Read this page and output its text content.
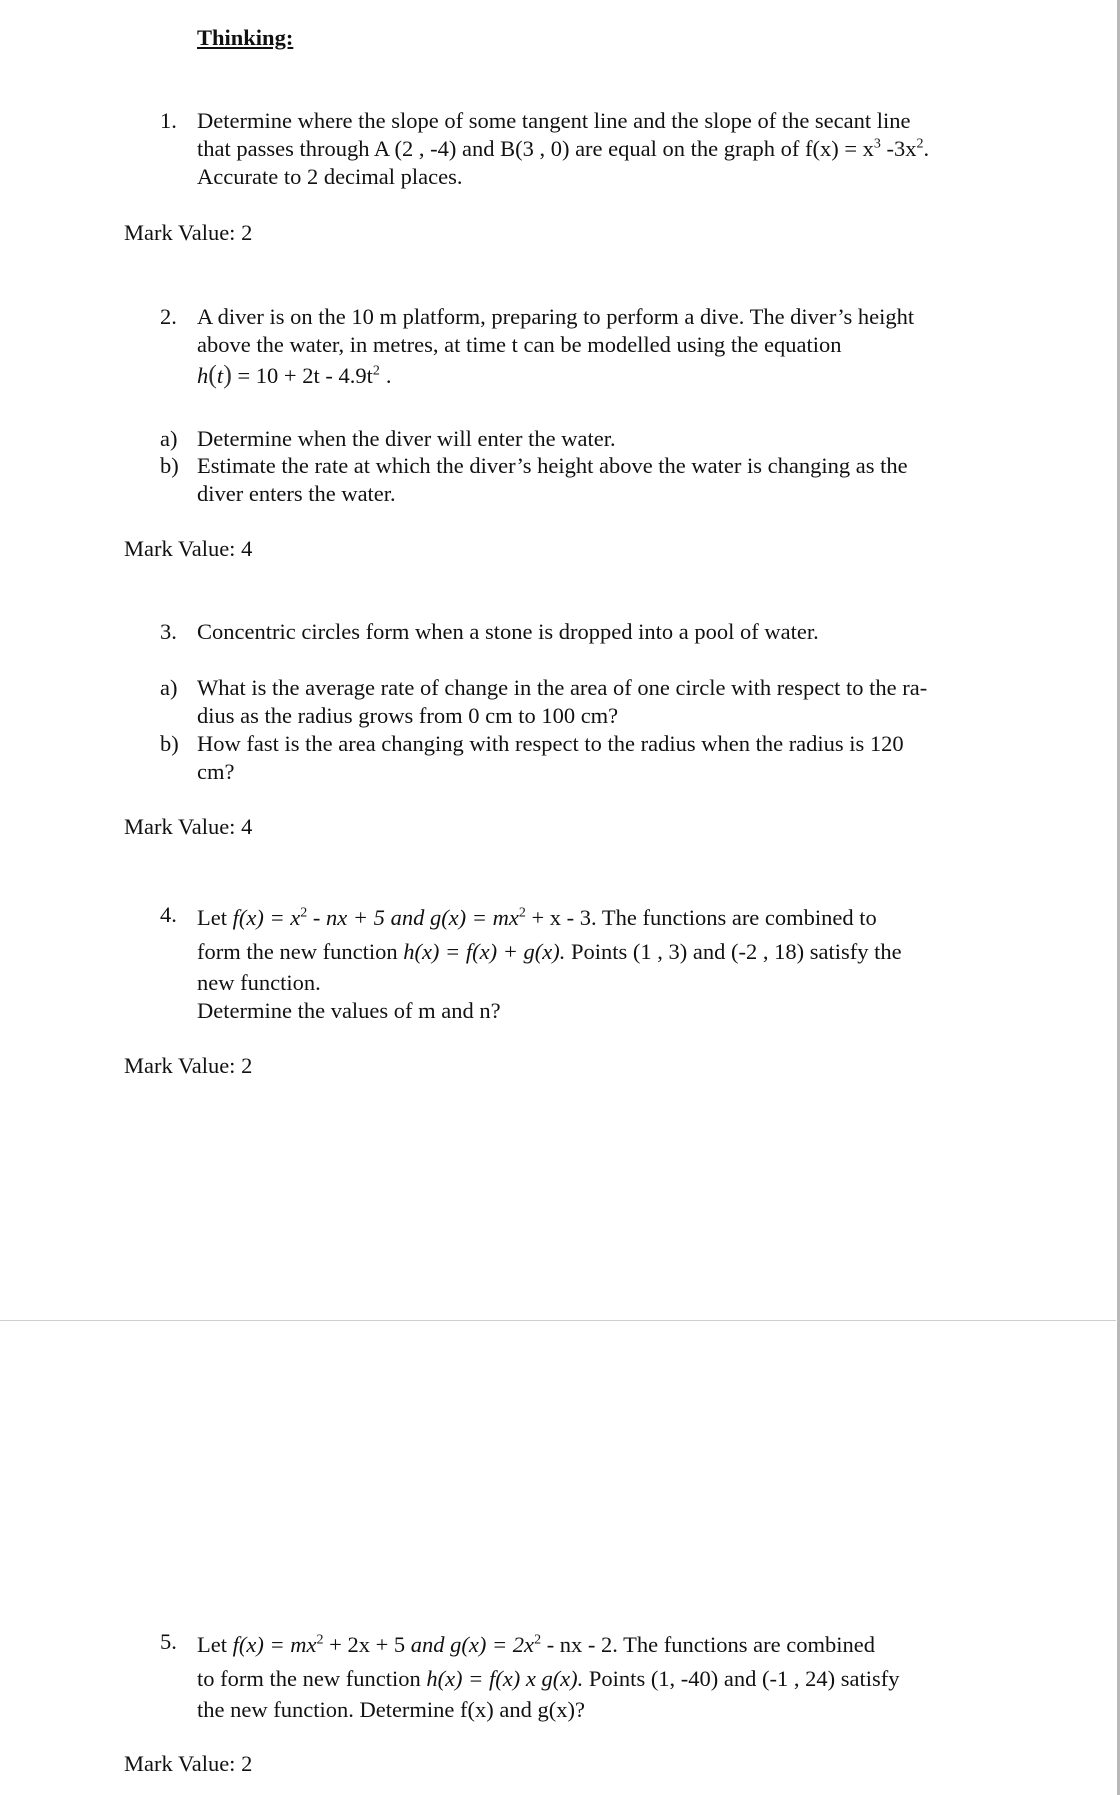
Thinking:
1. Determine where the slope of some tangent line and the slope of the secant line
that passes through A (2 , -4) and B(3 , 0) are equal on the graph of $f(x) = x^3$ $-3x^2$.
Accurate to 2 decimal places.
Mark Value: 2
2. A diver is on the 10 m platform, preparing to perform a dive. The diver’s height
above the water, in metres, at time t can be modelled using the equation
$h(t) = 10 + 2t - 4.9t^2$ .
a) Determine when the diver will enter the water.
b) Estimate the rate at which the diver’s height above the water is changing as the
diver enters the water.
Mark Value: 4
3. Concentric circles form when a stone is dropped into a pool of water.
a) What is the average rate of change in the area of one circle with respect to the ra-
dius as the radius grows from 0 cm to 100 cm?
b) How fast is the area changing with respect to the radius when the radius is 120
cm?
Mark Value: 4
4. Let $f(x) = x^2$ - nx + 5 and $g(x) = mx^2 + x - 3$. The functions are combined to
form the new function h(x) = f(x) + g(x). Points (1 , 3) and (-2 , 18) satisfy the
new function.
Determine the values of m and n?
Mark Value: 2
5. Let $f(x) = mx^2 + 2x + 5$ and $g(x) = 2x^2$ - nx - 2. The functions are combined
to form the new function h(x) = f(x) x g(x). Points (1, -40) and (-1 , 24) satisfy
the new function. Determine f(x) and g(x)?
Mark Value: 2
